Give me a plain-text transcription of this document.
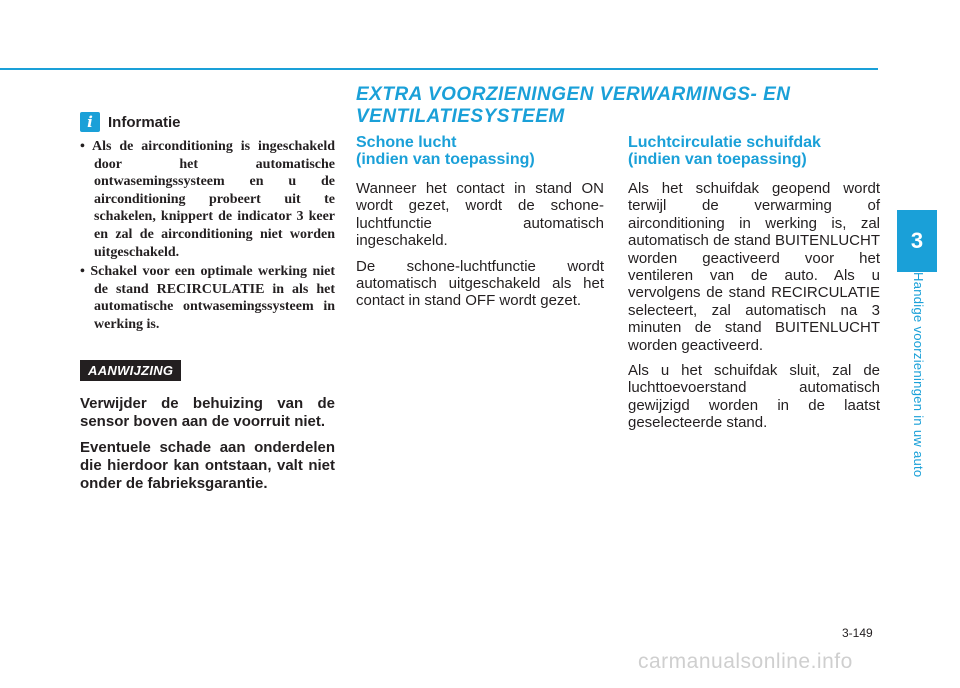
i	Informatie
• Als de airconditioning is ingeschakeld door het automatische ontwasemingssysteem en u de airconditioning probeert uit te schakelen, knippert de indicator 3 keer en zal de airconditioning niet worden uitgeschakeld.
• Schakel voor een optimale werking niet de stand RECIRCULATIE in als het automatische ontwasemingssysteem in werking is.
AANWIJZING

Verwijder de behuizing van de sensor boven aan de voorruit niet.

Eventuele schade aan onderdelen die hierdoor kan ontstaan, valt niet onder de fabrieksgarantie.

EXTRA VOORZIENINGEN VERWARMINGS- EN VENTILATIESYSTEEM
Schone lucht
(indien van toepassing)

Wanneer het contact in stand ON wordt gezet, wordt de schone-luchtfunctie automatisch ingeschakeld.

De schone-luchtfunctie wordt automatisch uitgeschakeld als het contact in stand OFF wordt gezet.

Luchtcirculatie schuifdak
(indien van toepassing)

Als het schuifdak geopend wordt terwijl de verwarming of airconditioning in werking is, zal automatisch de stand BUITENLUCHT worden geactiveerd voor het ventileren van de auto. Als u vervolgens de stand RECIRCULATIE selecteert, zal automatisch na 3 minuten de stand BUITENLUCHT worden geactiveerd.

Als u het schuifdak sluit, zal de luchttoevoerstand automatisch gewijzigd worden in de laatst geselecteerde stand.

3
Handige voorzieningen in uw auto
3-149
carmanualsonline.info
